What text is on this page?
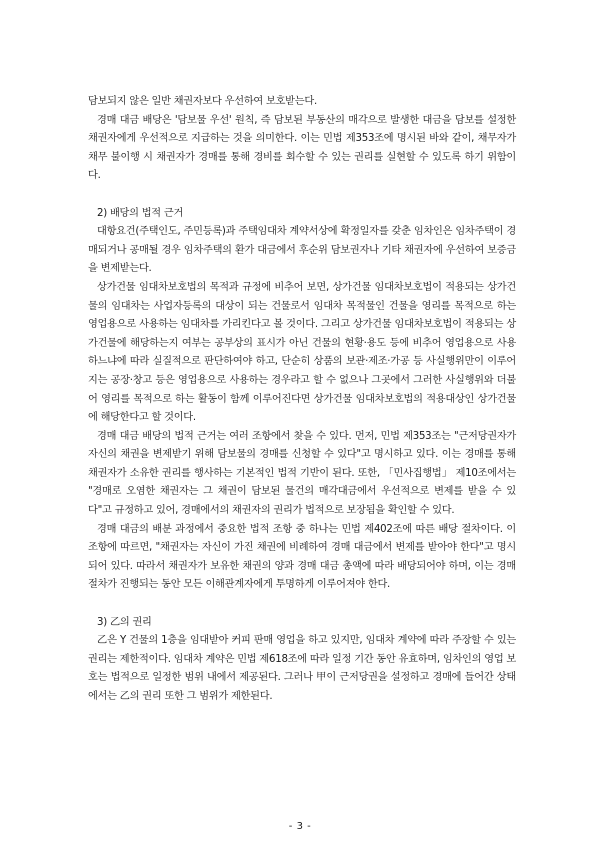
담보되지 않은 일반 채권자보다 우선하여 보호받는다.

경매 대금 배당은 '담보물 우선' 원칙, 즉 담보된 부동산의 매각으로 발생한 대금을 담보를 설정한 채권자에게 우선적으로 지급하는 것을 의미한다. 이는 민법 제353조에 명시된 바와 같이, 채무자가 채무 불이행 시 채권자가 경매를 통해 경비를 회수할 수 있는 권리를 실현할 수 있도록 하기 위함이다.

2) 배당의 법적 근거

대항요건(주택인도, 주민등록)과 주택임대차 계약서상에 확정일자를 갖춘 임차인은 임차주택이 경매되거나 공매될 경우 임차주택의 환가 대금에서 후순위 담보권자나 기타 채권자에 우선하여 보증금을 변제받는다.

상가건물 임대차보호법의 목적과 규정에 비추어 보면, 상가건물 임대차보호법이 적용되는 상가건물의 임대차는 사업자등록의 대상이 되는 건물로서 임대차 목적물인 건물을 영리를 목적으로 하는 영업용으로 사용하는 임대차를 가리킨다고 볼 것이다. 그리고 상가건물 임대차보호법이 적용되는 상가건물에 해당하는지 여부는 공부상의 표시가 아닌 건물의 현황·용도 등에 비추어 영업용으로 사용하느냐에 따라 실질적으로 판단하여야 하고, 단순히 상품의 보관·제조·가공 등 사실행위만이 이루어지는 공장·창고 등은 영업용으로 사용하는 경우라고 할 수 없으나 그곳에서 그러한 사실행위와 더불어 영리를 목적으로 하는 활동이 함께 이루어진다면 상가건물 임대차보호법의 적용대상인 상가건물에 해당한다고 할 것이다.

경매 대금 배당의 법적 근거는 여러 조항에서 찾을 수 있다. 먼저, 민법 제353조는 "근저당권자가 자신의 채권을 변제받기 위해 담보물의 경매를 신청할 수 있다"고 명시하고 있다. 이는 경매를 통해 채권자가 소유한 권리를 행사하는 기본적인 법적 기반이 된다. 또한, 「민사집행법」 제10조에서는 "경매로 오염한 채권자는 그 채권이 담보된 물건의 매각대금에서 우선적으로 변제를 받을 수 있다"고 규정하고 있어, 경매에서의 채권자의 권리가 법적으로 보장됨을 확인할 수 있다.

경매 대금의 배분 과정에서 중요한 법적 조항 중 하나는 민법 제402조에 따른 배당 절차이다. 이 조항에 따르면, "채권자는 자신이 가진 채권에 비례하여 경매 대금에서 변제를 받아야 한다"고 명시되어 있다. 따라서 채권자가 보유한 채권의 양과 경매 대금 총액에 따라 배당되어야 하며, 이는 경매 절차가 진행되는 동안 모든 이해관계자에게 투명하게 이루어져야 한다.

3) 乙의 권리

乙은 Y 건물의 1층을 임대받아 커피 판매 영업을 하고 있지만, 임대차 계약에 따라 주장할 수 있는 권리는 제한적이다. 임대차 계약은 민법 제618조에 따라 일정 기간 동안 유효하며, 임차인의 영업 보호는 법적으로 일정한 범위 내에서 제공된다. 그러나 甲이 근저당권을 설정하고 경매에 들어간 상태에서는 乙의 권리 또한 그 범위가 제한된다.

- 3 -
